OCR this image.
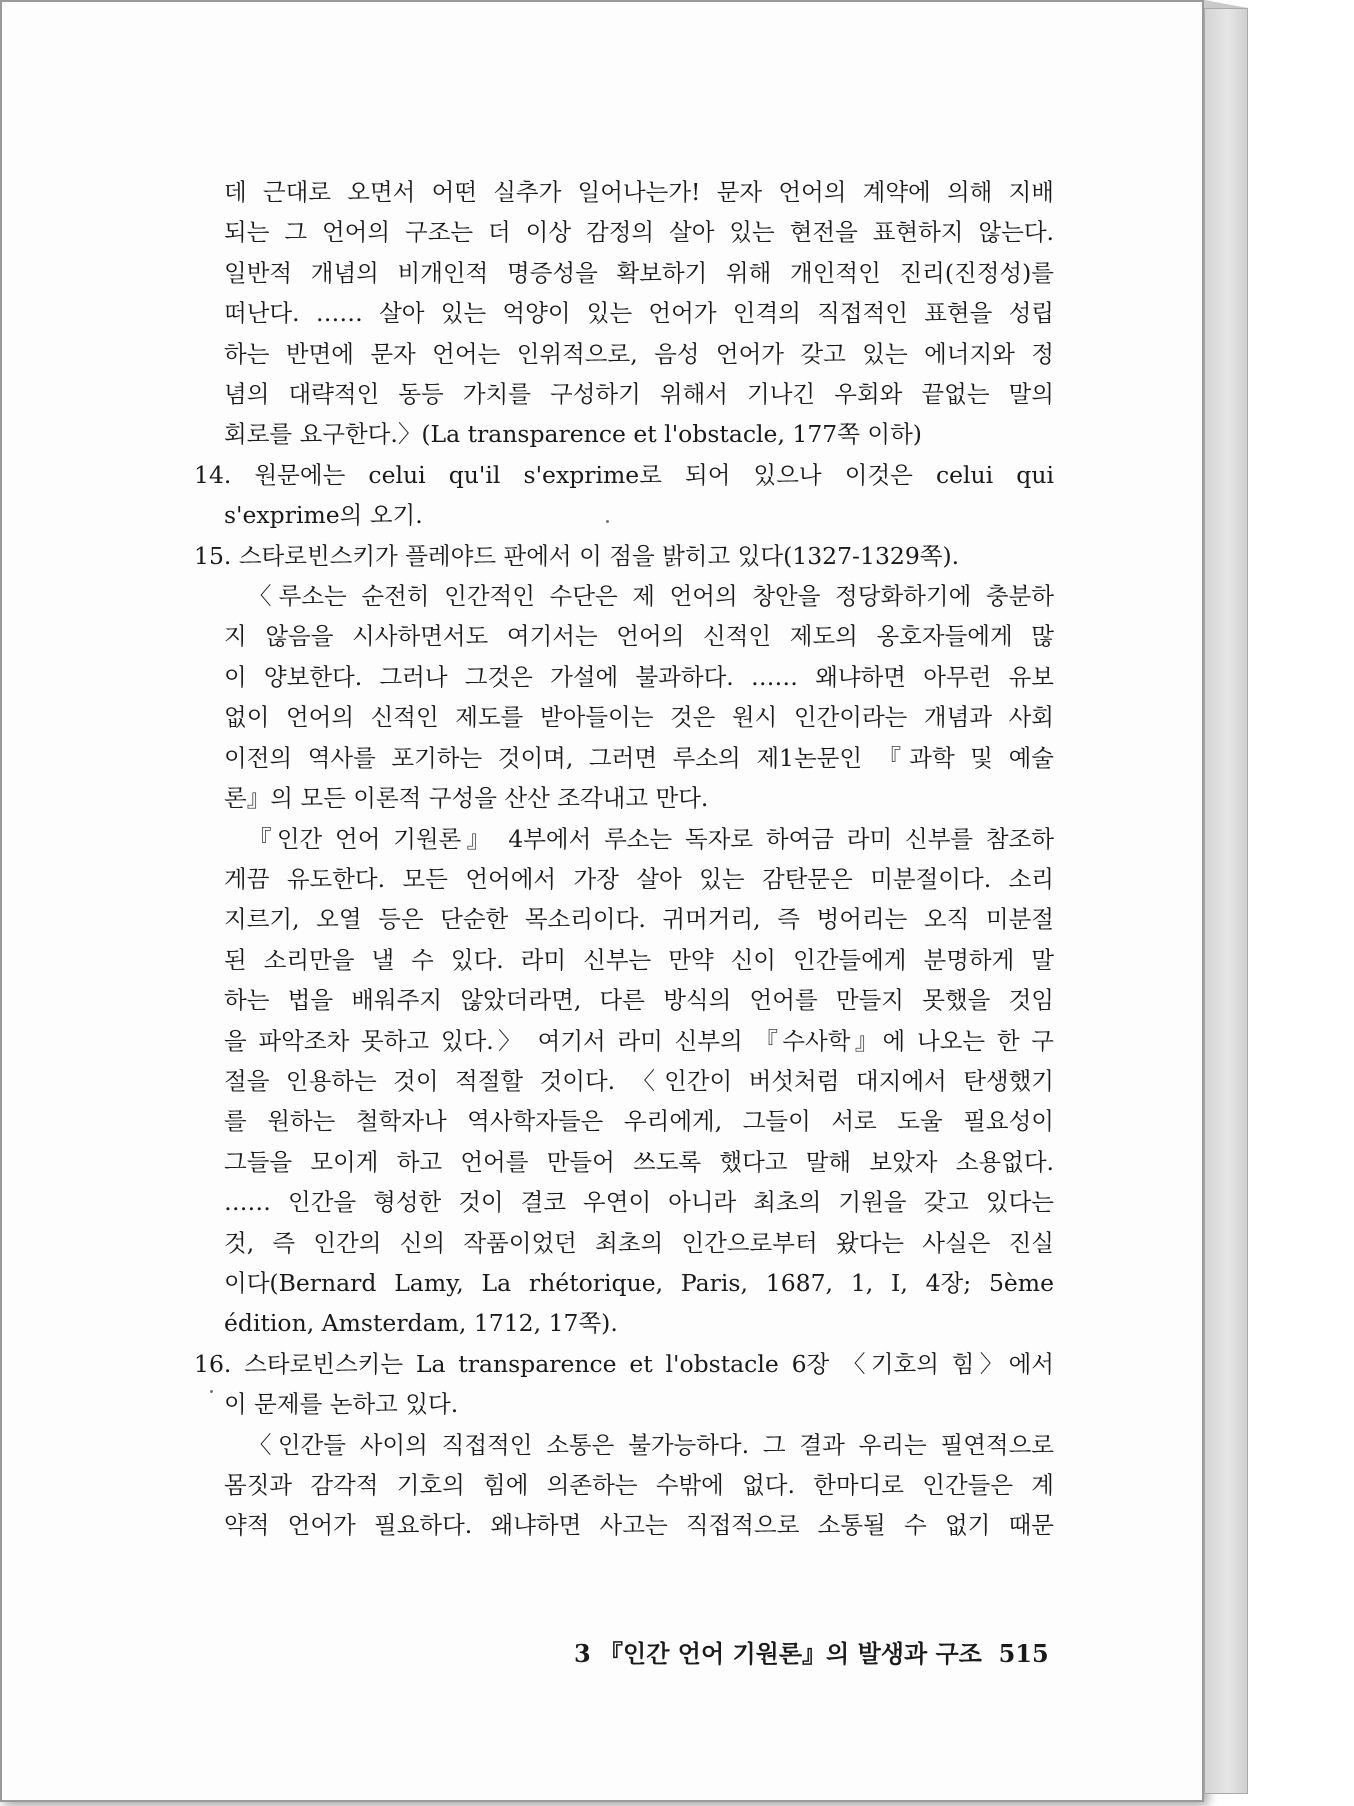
데 근대로 오면서 어떤 실추가 일어나는가! 문자 언어의 계약에 의해 지배
되는 그 언어의 구조는 더 이상 감정의 살아 있는 현전을 표현하지 않는다.
일반적 개념의 비개인적 명증성을 확보하기 위해 개인적인 진리(진정성)를
떠난다. …… 살아 있는 억양이 있는 언어가 인격의 직접적인 표현을 성립
하는 반면에 문자 언어는 인위적으로, 음성 언어가 갖고 있는 에너지와 정
념의 대략적인 동등 가치를 구성하기 위해서 기나긴 우회와 끝없는 말의
회로를 요구한다.〉(La transparence et l'obstacle, 177쪽 이하)
14. 원문에는 celui qu'il s'exprime로 되어 있으나 이것은 celui qui
s'exprime의 오기.
15. 스타로빈스키가 플레야드 판에서 이 점을 밝히고 있다(1327-1329쪽).
〈루소는 순전히 인간적인 수단은 제 언어의 창안을 정당화하기에 충분하
지 않음을 시사하면서도 여기서는 언어의 신적인 제도의 옹호자들에게 많
이 양보한다. 그러나 그것은 가설에 불과하다. …… 왜냐하면 아무런 유보
없이 언어의 신적인 제도를 받아들이는 것은 원시 인간이라는 개념과 사회
이전의 역사를 포기하는 것이며, 그러면 루소의 제1논문인 『과학 및 예술
론』의 모든 이론적 구성을 산산 조각내고 만다.
『인간 언어 기원론』 4부에서 루소는 독자로 하여금 라미 신부를 참조하
게끔 유도한다. 모든 언어에서 가장 살아 있는 감탄문은 미분절이다. 소리
지르기, 오열 등은 단순한 목소리이다. 귀머거리, 즉 벙어리는 오직 미분절
된 소리만을 낼 수 있다. 라미 신부는 만약 신이 인간들에게 분명하게 말
하는 법을 배워주지 않았더라면, 다른 방식의 언어를 만들지 못했을 것임
을 파악조차 못하고 있다.〉 여기서 라미 신부의 『수사학』에 나오는 한 구
절을 인용하는 것이 적절할 것이다. 〈인간이 버섯처럼 대지에서 탄생했기
를 원하는 철학자나 역사학자들은 우리에게, 그들이 서로 도울 필요성이
그들을 모이게 하고 언어를 만들어 쓰도록 했다고 말해 보았자 소용없다.
…… 인간을 형성한 것이 결코 우연이 아니라 최초의 기원을 갖고 있다는
것, 즉 인간의 신의 작품이었던 최초의 인간으로부터 왔다는 사실은 진실
이다(Bernard Lamy, La rhétorique, Paris, 1687, 1, I, 4장; 5ème
édition, Amsterdam, 1712, 17쪽).
16. 스타로빈스키는 La transparence et l'obstacle 6장 〈기호의 힘〉에서
이 문제를 논하고 있다.
〈인간들 사이의 직접적인 소통은 불가능하다. 그 결과 우리는 필연적으로
몸짓과 감각적 기호의 힘에 의존하는 수밖에 없다. 한마디로 인간들은 계
약적 언어가 필요하다. 왜냐하면 사고는 직접적으로 소통될 수 없기 때문
3 『인간 언어 기원론』의 발생과 구조 515
